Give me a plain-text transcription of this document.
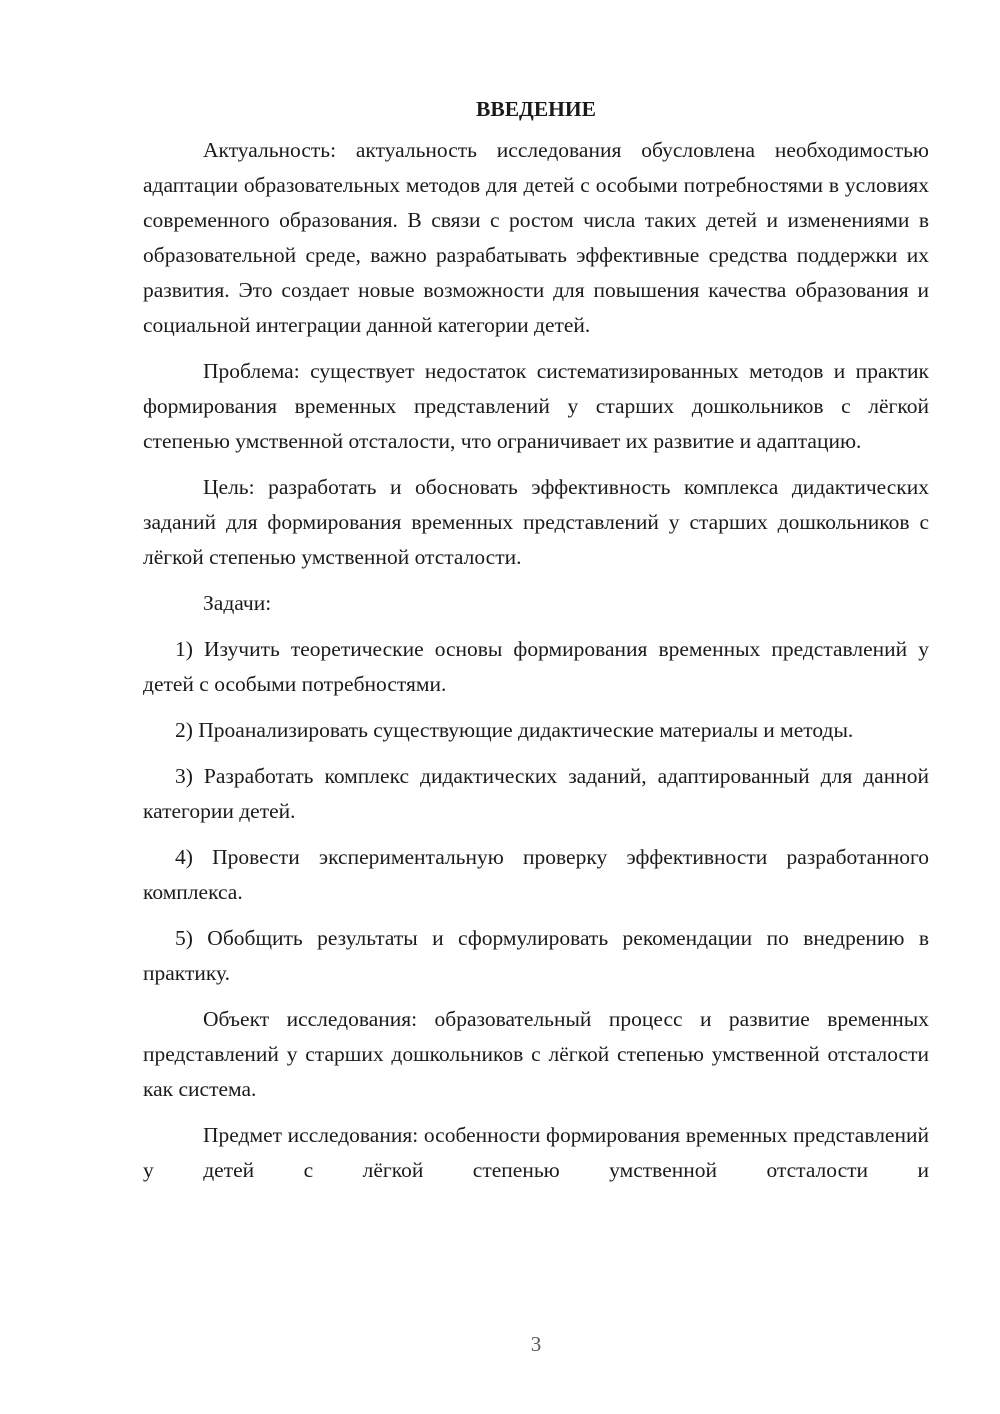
ВВЕДЕНИЕ

Актуальность: актуальность исследования обусловлена необходимостью адаптации образовательных методов для детей с особыми потребностями в условиях современного образования. В связи с ростом числа таких детей и изменениями в образовательной среде, важно разрабатывать эффективные средства поддержки их развития. Это создает новые возможности для повышения качества образования и социальной интеграции данной категории детей.

Проблема: существует недостаток систематизированных методов и практик формирования временных представлений у старших дошкольников с лёгкой степенью умственной отсталости, что ограничивает их развитие и адаптацию.

Цель: разработать и обосновать эффективность комплекса дидактических заданий для формирования временных представлений у старших дошкольников с лёгкой степенью умственной отсталости.

Задачи:

1) Изучить теоретические основы формирования временных представлений у детей с особыми потребностями.

2) Проанализировать существующие дидактические материалы и методы.

3) Разработать комплекс дидактических заданий, адаптированный для данной категории детей.

4) Провести экспериментальную проверку эффективности разработанного комплекса.

5) Обобщить результаты и сформулировать рекомендации по внедрению в практику.

Объект исследования: образовательный процесс и развитие временных представлений у старших дошкольников с лёгкой степенью умственной отсталости как система.

Предмет исследования: особенности формирования временных представлений у детей с лёгкой степенью умственной отсталости и

3
